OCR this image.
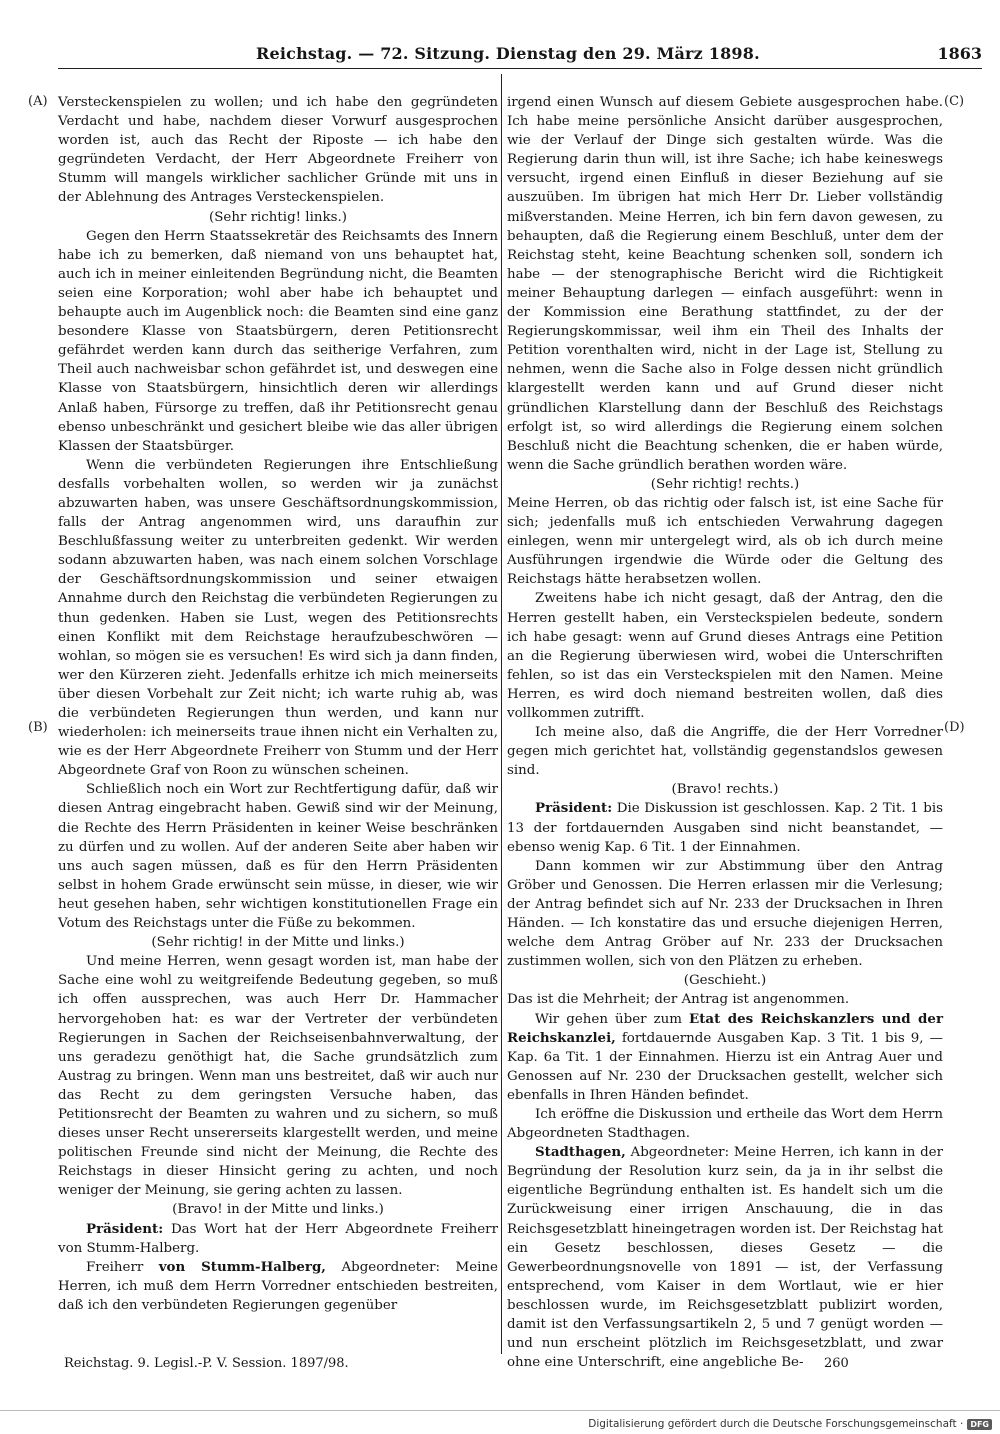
Reichstag. — 72. Sitzung. Dienstag den 29. März 1898.	1863
(A)
(B)
(C)
(D)

Versteckenspielen zu wollen; und ich habe den gegründeten Verdacht und habe, nachdem dieser Vorwurf ausgesprochen worden ist, auch das Recht der Riposte — ich habe den gegründeten Verdacht, der Herr Abgeordnete Freiherr von Stumm will mangels wirklicher sachlicher Gründe mit uns in der Ablehnung des Antrages Versteckenspielen.

(Sehr richtig! links.)

Gegen den Herrn Staatssekretär des Reichsamts des Innern habe ich zu bemerken, daß niemand von uns behauptet hat, auch ich in meiner einleitenden Begründung nicht, die Beamten seien eine Korporation; wohl aber habe ich behauptet und behaupte auch im Augenblick noch: die Beamten sind eine ganz besondere Klasse von Staatsbürgern, deren Petitionsrecht gefährdet werden kann durch das seitherige Verfahren, zum Theil auch nachweisbar schon gefährdet ist, und deswegen eine Klasse von Staatsbürgern, hinsichtlich deren wir allerdings Anlaß haben, Fürsorge zu treffen, daß ihr Petitionsrecht genau ebenso unbeschränkt und gesichert bleibe wie das aller übrigen Klassen der Staatsbürger.

Wenn die verbündeten Regierungen ihre Entschließung desfalls vorbehalten wollen, so werden wir ja zunächst abzuwarten haben, was unsere Geschäftsordnungskommission, falls der Antrag angenommen wird, uns daraufhin zur Beschlußfassung weiter zu unterbreiten gedenkt. Wir werden sodann abzuwarten haben, was nach einem solchen Vorschlage der Geschäftsordnungskommission und seiner etwaigen Annahme durch den Reichstag die verbündeten Regierungen zu thun gedenken. Haben sie Lust, wegen des Petitionsrechts einen Konflikt mit dem Reichstage heraufzubeschwören — wohlan, so mögen sie es versuchen! Es wird sich ja dann finden, wer den Kürzeren zieht. Jedenfalls erhitze ich mich meinerseits über diesen Vorbehalt zur Zeit nicht; ich warte ruhig ab, was die verbündeten Regierungen thun werden, und kann nur wiederholen: ich meinerseits traue ihnen nicht ein Verhalten zu, wie es der Herr Abgeordnete Freiherr von Stumm und der Herr Abgeordnete Graf von Roon zu wünschen scheinen.

Schließlich noch ein Wort zur Rechtfertigung dafür, daß wir diesen Antrag eingebracht haben. Gewiß sind wir der Meinung, die Rechte des Herrn Präsidenten in keiner Weise beschränken zu dürfen und zu wollen. Auf der anderen Seite aber haben wir uns auch sagen müssen, daß es für den Herrn Präsidenten selbst in hohem Grade erwünscht sein müsse, in dieser, wie wir heut gesehen haben, sehr wichtigen konstitutionellen Frage ein Votum des Reichstags unter die Füße zu bekommen.

(Sehr richtig! in der Mitte und links.)

Und meine Herren, wenn gesagt worden ist, man habe der Sache eine wohl zu weitgreifende Bedeutung gegeben, so muß ich offen aussprechen, was auch Herr Dr. Hammacher hervorgehoben hat: es war der Vertreter der verbündeten Regierungen in Sachen der Reichseisenbahnverwaltung, der uns geradezu genöthigt hat, die Sache grundsätzlich zum Austrag zu bringen. Wenn man uns bestreitet, daß wir auch nur das Recht zu dem geringsten Versuche haben, das Petitionsrecht der Beamten zu wahren und zu sichern, so muß dieses unser Recht unsererseits klargestellt werden, und meine politischen Freunde sind nicht der Meinung, die Rechte des Reichstags in dieser Hinsicht gering zu achten, und noch weniger der Meinung, sie gering achten zu lassen.

(Bravo! in der Mitte und links.)

Präsident: Das Wort hat der Herr Abgeordnete Freiherr von Stumm-Halberg.

Freiherr von Stumm-Halberg, Abgeordneter: Meine Herren, ich muß dem Herrn Vorredner entschieden bestreiten, daß ich den verbündeten Regierungen gegenüber

irgend einen Wunsch auf diesem Gebiete ausgesprochen habe. Ich habe meine persönliche Ansicht darüber ausgesprochen, wie der Verlauf der Dinge sich gestalten würde. Was die Regierung darin thun will, ist ihre Sache; ich habe keineswegs versucht, irgend einen Einfluß in dieser Beziehung auf sie auszuüben. Im übrigen hat mich Herr Dr. Lieber vollständig mißverstanden. Meine Herren, ich bin fern davon gewesen, zu behaupten, daß die Regierung einem Beschluß, unter dem der Reichstag steht, keine Beachtung schenken soll, sondern ich habe — der stenographische Bericht wird die Richtigkeit meiner Behauptung darlegen — einfach ausgeführt: wenn in der Kommission eine Berathung stattfindet, zu der der Regierungskommissar, weil ihm ein Theil des Inhalts der Petition vorenthalten wird, nicht in der Lage ist, Stellung zu nehmen, wenn die Sache also in Folge dessen nicht gründlich klargestellt werden kann und auf Grund dieser nicht gründlichen Klarstellung dann der Beschluß des Reichstags erfolgt ist, so wird allerdings die Regierung einem solchen Beschluß nicht die Beachtung schenken, die er haben würde, wenn die Sache gründlich berathen worden wäre.

(Sehr richtig! rechts.)

Meine Herren, ob das richtig oder falsch ist, ist eine Sache für sich; jedenfalls muß ich entschieden Verwahrung dagegen einlegen, wenn mir untergelegt wird, als ob ich durch meine Ausführungen irgendwie die Würde oder die Geltung des Reichstags hätte herabsetzen wollen.

Zweitens habe ich nicht gesagt, daß der Antrag, den die Herren gestellt haben, ein Versteckspielen bedeute, sondern ich habe gesagt: wenn auf Grund dieses Antrags eine Petition an die Regierung überwiesen wird, wobei die Unterschriften fehlen, so ist das ein Versteckspielen mit den Namen. Meine Herren, es wird doch niemand bestreiten wollen, daß dies vollkommen zutrifft.

Ich meine also, daß die Angriffe, die der Herr Vorredner gegen mich gerichtet hat, vollständig gegenstandslos gewesen sind.

(Bravo! rechts.)

Präsident: Die Diskussion ist geschlossen. Kap. 2 Tit. 1 bis 13 der fortdauernden Ausgaben sind nicht beanstandet, — ebenso wenig Kap. 6 Tit. 1 der Einnahmen.

Dann kommen wir zur Abstimmung über den Antrag Gröber und Genossen. Die Herren erlassen mir die Verlesung; der Antrag befindet sich auf Nr. 233 der Drucksachen in Ihren Händen. — Ich konstatire das und ersuche diejenigen Herren, welche dem Antrag Gröber auf Nr. 233 der Drucksachen zustimmen wollen, sich von den Plätzen zu erheben.

(Geschieht.)

Das ist die Mehrheit; der Antrag ist angenommen.

Wir gehen über zum Etat des Reichskanzlers und der Reichskanzlei, fortdauernde Ausgaben Kap. 3 Tit. 1 bis 9, — Kap. 6a Tit. 1 der Einnahmen. Hierzu ist ein Antrag Auer und Genossen auf Nr. 230 der Drucksachen gestellt, welcher sich ebenfalls in Ihren Händen befindet.

Ich eröffne die Diskussion und ertheile das Wort dem Herrn Abgeordneten Stadthagen.

Stadthagen, Abgeordneter: Meine Herren, ich kann in der Begründung der Resolution kurz sein, da ja in ihr selbst die eigentliche Begründung enthalten ist. Es handelt sich um die Zurückweisung einer irrigen Anschauung, die in das Reichsgesetzblatt hineingetragen worden ist. Der Reichstag hat ein Gesetz beschlossen, dieses Gesetz — die Gewerbeordnungsnovelle von 1891 — ist, der Verfassung entsprechend, vom Kaiser in dem Wortlaut, wie er hier beschlossen wurde, im Reichsgesetzblatt publizirt worden, damit ist den Verfassungsartikeln 2, 5 und 7 genügt worden — und nun erscheint plötzlich im Reichsgesetzblatt, und zwar ohne eine Unterschrift, eine angebliche Be-

Reichstag. 9. Legisl.-P. V. Session. 1897/98.	260
Digitalisierung gefördert durch die Deutsche Forschungsgemeinschaft · DFG
